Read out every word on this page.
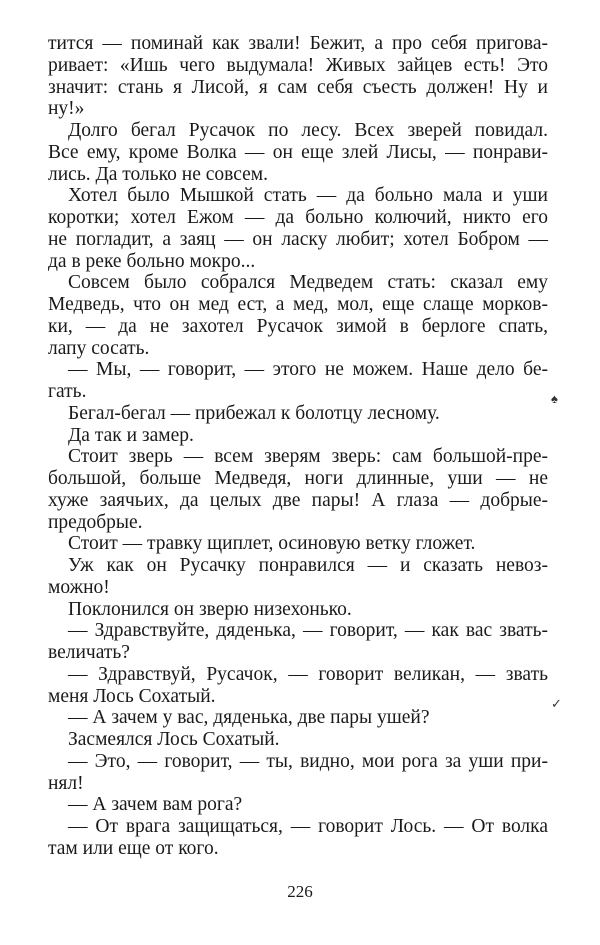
тится — поминай как звали! Бежит, а про себя пригова-
ривает: «Ишь чего выдумала! Живых зайцев есть! Это
значит: стань я Лисой, я сам себя съесть должен! Ну и
ну!»
Долго бегал Русачок по лесу. Всех зверей повидал.
Все ему, кроме Волка — он еще злей Лисы, — понрави-
лись. Да только не совсем.
Хотел было Мышкой стать — да больно мала и уши
коротки; хотел Ежом — да больно колючий, никто его
не погладит, а заяц — он ласку любит; хотел Бобром —
да в реке больно мокро...
Совсем было собрался Медведем стать: сказал ему
Медведь, что он мед ест, а мед, мол, еще слаще морков-
ки, — да не захотел Русачок зимой в берлоге спать,
лапу сосать.
— Мы, — говорит, — этого не можем. Наше дело бе-
гать.
Бегал-бегал — прибежал к болотцу лесному.
Да так и замер.
Стоит зверь — всем зверям зверь: сам большой-пре-
большой, больше Медведя, ноги длинные, уши — не
хуже заячьих, да целых две пары! А глаза — добрые-
предобрые.
Стоит — травку щиплет, осиновую ветку гложет.
Уж как он Русачку понравился — и сказать невоз-
можно!
Поклонился он зверю низехонько.
— Здравствуйте, дяденька, — говорит, — как вас звать-
величать?
— Здравствуй, Русачок, — говорит великан, — звать
меня Лось Сохатый.
— А зачем у вас, дяденька, две пары ушей?
Засмеялся Лось Сохатый.
— Это, — говорит, — ты, видно, мои рога за уши при-
нял!
— А зачем вам рога?
— От врага защищаться, — говорит Лось. — От волка
там или еще от кого.
♠
✓
226
